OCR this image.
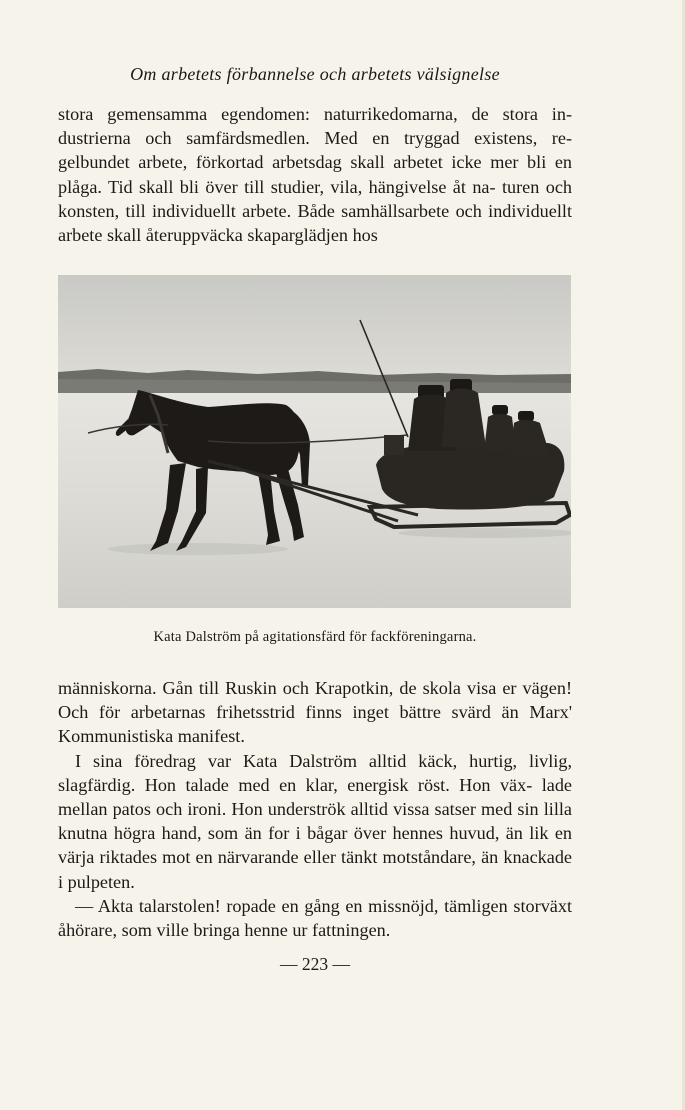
Om arbetets förbannelse och arbetets välsignelse

stora gemensamma egendomen: naturrikedomarna, de stora in- dustrierna och samfärdsmedlen. Med en tryggad existens, re- gelbundet arbete, förkortad arbetsdag skall arbetet icke mer bli en plåga. Tid skall bli över till studier, vila, hängivelse åt na- turen och konsten, till individuellt arbete. Både samhällsarbete och individuellt arbete skall återuppväcka skaparglädjen hos

Kata Dalström på agitationsfärd för fackföreningarna.

människorna. Gån till Ruskin och Krapotkin, de skola visa er vägen! Och för arbetarnas frihetsstrid finns inget bättre svärd än Marx' Kommunistiska manifest.

I sina föredrag var Kata Dalström alltid käck, hurtig, livlig, slagfärdig. Hon talade med en klar, energisk röst. Hon väx- lade mellan patos och ironi. Hon underströk alltid vissa satser med sin lilla knutna högra hand, som än for i bågar över hennes huvud, än lik en värja riktades mot en närvarande eller tänkt motståndare, än knackade i pulpeten.

— Akta talarstolen! ropade en gång en missnöjd, tämligen storväxt åhörare, som ville bringa henne ur fattningen.

— 223 —
